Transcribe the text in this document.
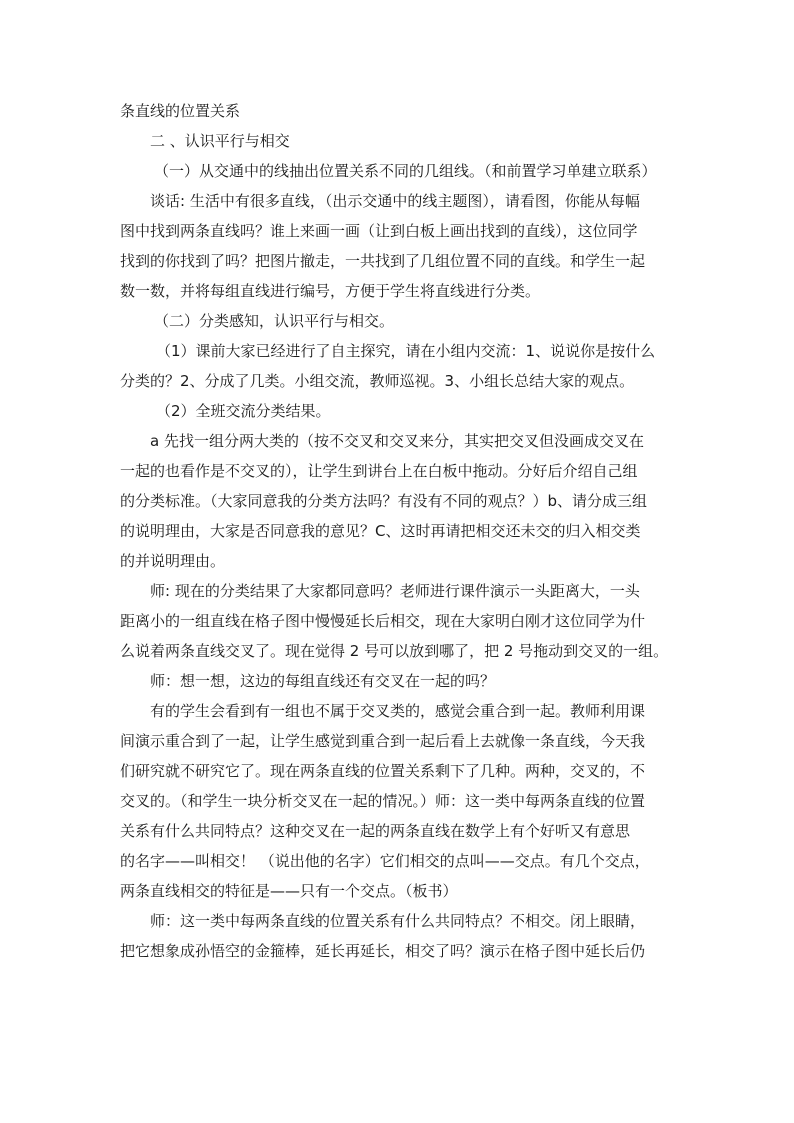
条直线的位置关系
二 、认识平行与相交
（一）从交通中的线抽出位置关系不同的几组线。（和前置学习单建立联系）
谈话: 生活中有很多直线，（出示交通中的线主题图），请看图，你能从每幅
图中找到两条直线吗？谁上来画一画（让到白板上画出找到的直线），这位同学
找到的你找到了吗？把图片撤走，一共找到了几组位置不同的直线。和学生一起
数一数，并将每组直线进行编号，方便于学生将直线进行分类。
（二）分类感知，认识平行与相交。
（1）课前大家已经进行了自主探究，请在小组内交流：1、说说你是按什么
分类的？2、分成了几类。小组交流，教师巡视。3、小组长总结大家的观点。
（2）全班交流分类结果。
a 先找一组分两大类的（按不交叉和交叉来分，其实把交叉但没画成交叉在
一起的也看作是不交叉的），让学生到讲台上在白板中拖动。分好后介绍自己组
的分类标准。（大家同意我的分类方法吗？有没有不同的观点？）b、请分成三组
的说明理由，大家是否同意我的意见？C、这时再请把相交还未交的归入相交类
的并说明理由。
师: 现在的分类结果了大家都同意吗？老师进行课件演示一头距离大，一头
距离小的一组直线在格子图中慢慢延长后相交，现在大家明白刚才这位同学为什
么说着两条直线交叉了。现在觉得 2 号可以放到哪了，把 2 号拖动到交叉的一组。
师：想一想，这边的每组直线还有交叉在一起的吗？
有的学生会看到有一组也不属于交叉类的，感觉会重合到一起。教师利用课
间演示重合到了一起，让学生感觉到重合到一起后看上去就像一条直线，今天我
们研究就不研究它了。现在两条直线的位置关系剩下了几种。两种，交叉的，不
交叉的。（和学生一块分析交叉在一起的情况。）师：这一类中每两条直线的位置
关系有什么共同特点？这种交叉在一起的两条直线在数学上有个好听又有意思
的名字——叫相交！ （说出他的名字）它们相交的点叫——交点。有几个交点，
两条直线相交的特征是——只有一个交点。（板书）
师：这一类中每两条直线的位置关系有什么共同特点？不相交。闭上眼睛，
把它想象成孙悟空的金箍棒，延长再延长，相交了吗？演示在格子图中延长后仍
